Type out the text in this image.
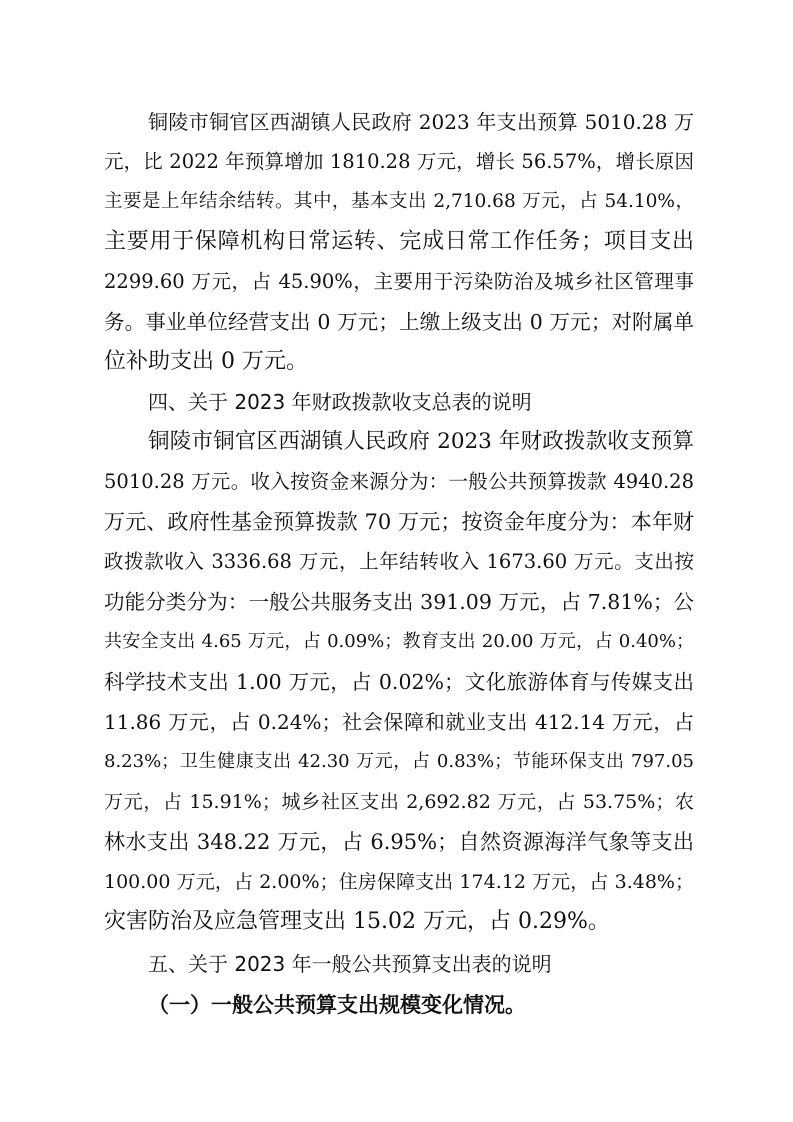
铜陵市铜官区西湖镇人民政府 2023 年支出预算 5010.28 万
元，比 2022 年预算增加 1810.28 万元，增长 56.57%，增长原因
主要是上年结余结转。其中，基本支出 2,710.68 万元，占 54.10%，
主要用于保障机构日常运转、完成日常工作任务；项目支出
2299.60 万元，占 45.90%，主要用于污染防治及城乡社区管理事
务。事业单位经营支出 0 万元；上缴上级支出 0 万元；对附属单
位补助支出 0 万元。
四、关于 2023 年财政拨款收支总表的说明
铜陵市铜官区西湖镇人民政府 2023 年财政拨款收支预算
5010.28 万元。收入按资金来源分为：一般公共预算拨款 4940.28
万元、政府性基金预算拨款 70 万元；按资金年度分为：本年财
政拨款收入 3336.68 万元，上年结转收入 1673.60 万元。支出按
功能分类分为：一般公共服务支出 391.09 万元，占 7.81%；公
共安全支出 4.65 万元，占 0.09%；教育支出 20.00 万元，占 0.40%；
科学技术支出 1.00 万元，占 0.02%；文化旅游体育与传媒支出
11.86 万元，占 0.24%；社会保障和就业支出 412.14 万元，占
8.23%；卫生健康支出 42.30 万元，占 0.83%；节能环保支出 797.05
万元，占 15.91%；城乡社区支出 2,692.82 万元，占 53.75%；农
林水支出 348.22 万元，占 6.95%；自然资源海洋气象等支出
100.00 万元，占 2.00%；住房保障支出 174.12 万元，占 3.48%；
灾害防治及应急管理支出 15.02 万元，占 0.29%。
五、关于 2023 年一般公共预算支出表的说明
（一）一般公共预算支出规模变化情况。
